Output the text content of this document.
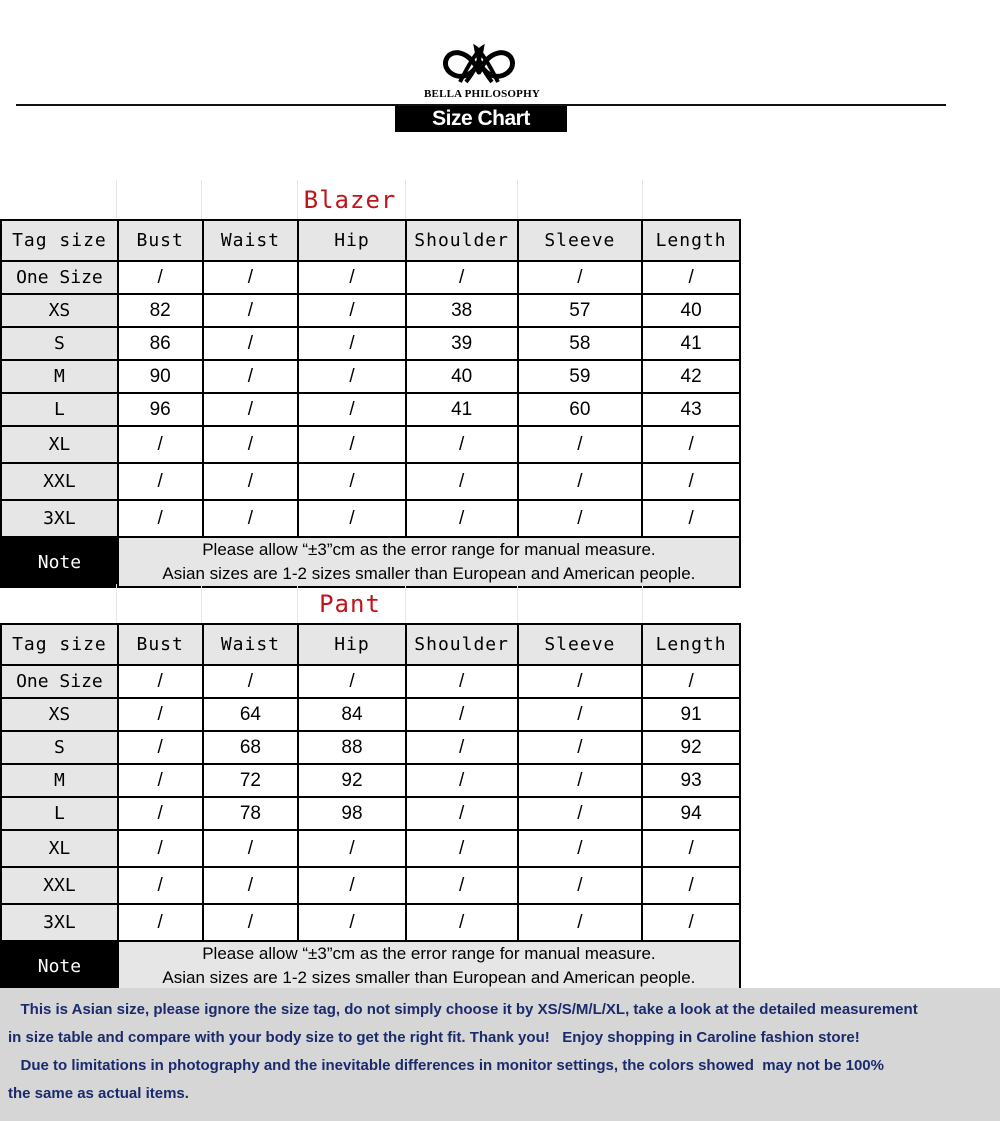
BELLA PHILOSOPHY
Size Chart
Blazer
Tag size	Bust	Waist	Hip	Shoulder	Sleeve	Length
One Size	/	/	/	/	/	/
XS	82	/	/	38	57	40
S	86	/	/	39	58	41
M	90	/	/	40	59	42
L	96	/	/	41	60	43
XL	/	/	/	/	/	/
XXL	/	/	/	/	/	/
3XL	/	/	/	/	/	/
Note	Please allow “±3”cm as the error range for manual measure.
Asian sizes are 1-2 sizes smaller than European and American people.					
Pant
Tag size	Bust	Waist	Hip	Shoulder	Sleeve	Length
One Size	/	/	/	/	/	/
XS	/	64	84	/	/	91
S	/	68	88	/	/	92
M	/	72	92	/	/	93
L	/	78	98	/	/	94
XL	/	/	/	/	/	/
XXL	/	/	/	/	/	/
3XL	/	/	/	/	/	/
Note	Please allow “±3”cm as the error range for manual measure.
Asian sizes are 1-2 sizes smaller than European and American people.					

This is Asian size, please ignore the size tag, do not simply choose it by XS/S/M/L/XL, take a look at the detailed measurement

in size table and compare with your body size to get the right fit. Thank you!   Enjoy shopping in Caroline fashion store!

Due to limitations in photography and the inevitable differences in monitor settings, the colors showed  may not be 100%

the same as actual items.
